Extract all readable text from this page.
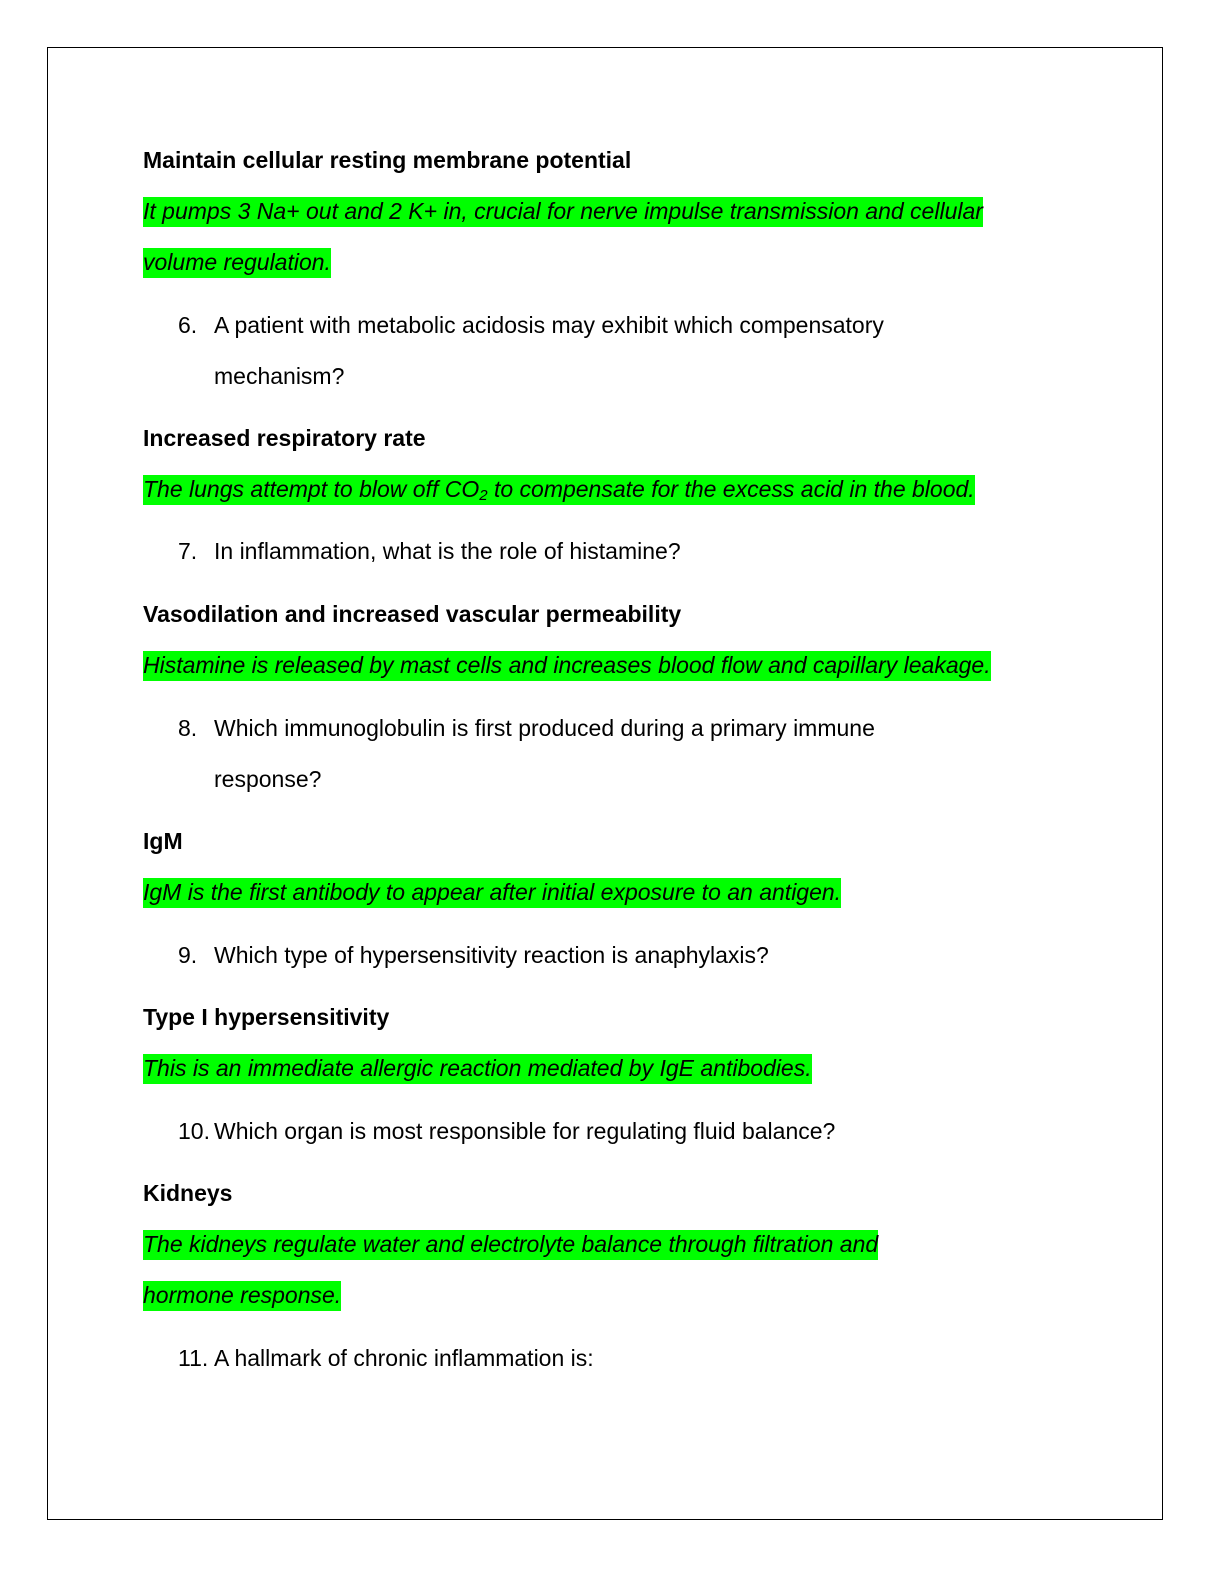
Maintain cellular resting membrane potential
It pumps 3 Na+ out and 2 K+ in, crucial for nerve impulse transmission and cellular
volume regulation.
6. A patient with metabolic acidosis may exhibit which compensatory
mechanism?
Increased respiratory rate
The lungs attempt to blow off $CO_2$ to compensate for the excess acid in the blood.
7. In inflammation, what is the role of histamine?
Vasodilation and increased vascular permeability
Histamine is released by mast cells and increases blood flow and capillary leakage.
8. Which immunoglobulin is first produced during a primary immune
response?
IgM
IgM is the first antibody to appear after initial exposure to an antigen.
9. Which type of hypersensitivity reaction is anaphylaxis?
Type I hypersensitivity
This is an immediate allergic reaction mediated by IgE antibodies.
10. Which organ is most responsible for regulating fluid balance?
Kidneys
The kidneys regulate water and electrolyte balance through filtration and
hormone response.
11. A hallmark of chronic inflammation is:
